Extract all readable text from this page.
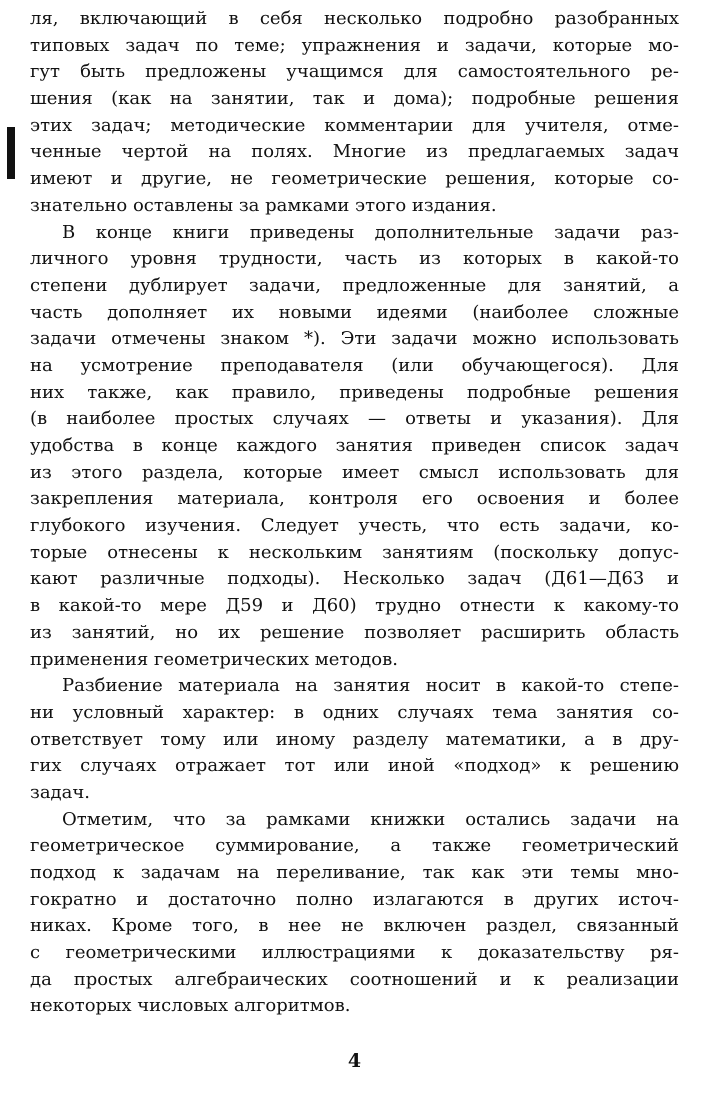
ля, включающий в себя несколько подробно разобранных
типовых задач по теме; упражнения и задачи, которые мо-
гут быть предложены учащимся для самостоятельного ре-
шения (как на занятии, так и дома); подробные решения
этих задач; методические комментарии для учителя, отме-
ченные чертой на полях. Многие из предлагаемых задач
имеют и другие, не геометрические решения, которые со-
знательно оставлены за рамками этого издания.
В конце книги приведены дополнительные задачи раз-
личного уровня трудности, часть из которых в какой-то
степени дублирует задачи, предложенные для занятий, а
часть дополняет их новыми идеями (наиболее сложные
задачи отмечены знаком *). Эти задачи можно использовать
на усмотрение преподавателя (или обучающегося). Для
них также, как правило, приведены подробные решения
(в наиболее простых случаях — ответы и указания). Для
удобства в конце каждого занятия приведен список задач
из этого раздела, которые имеет смысл использовать для
закрепления материала, контроля его освоения и более
глубокого изучения. Следует учесть, что есть задачи, ко-
торые отнесены к нескольким занятиям (поскольку допус-
кают различные подходы). Несколько задач (Д61—Д63 и
в какой-то мере Д59 и Д60) трудно отнести к какому-то
из занятий, но их решение позволяет расширить область
применения геометрических методов.
Разбиение материала на занятия носит в какой-то степе-
ни условный характер: в одних случаях тема занятия со-
ответствует тому или иному разделу математики, а в дру-
гих случаях отражает тот или иной «подход» к решению
задач.
Отметим, что за рамками книжки остались задачи на
геометрическое суммирование, а также геометрический
подход к задачам на переливание, так как эти темы мно-
гократно и достаточно полно излагаются в других источ-
никах. Кроме того, в нее не включен раздел, связанный
с геометрическими иллюстрациями к доказательству ря-
да простых алгебраических соотношений и к реализации
некоторых числовых алгоритмов.
4
